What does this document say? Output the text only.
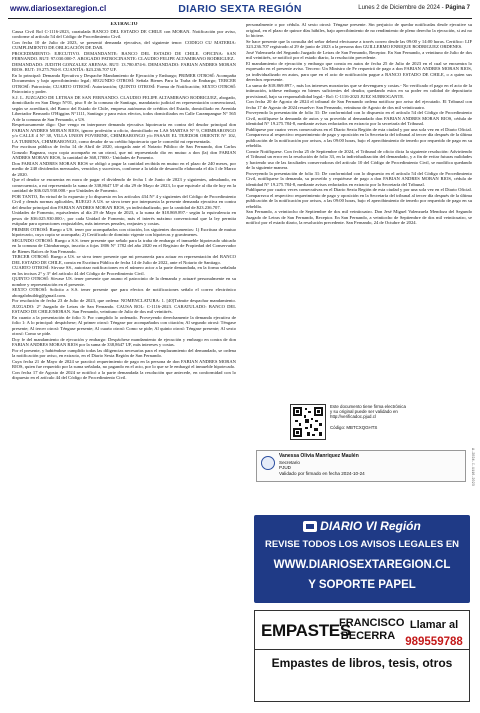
www.diariosextaregion.cl	DIARIO SEXTA REGIÓN	Lunes 2 de Diciembre de 2024 - Página 7
EXTRACTO

Causa Civil Rol C-1116-2023, caratulada BANCO DEL ESTADO DE CHILE con MORAN. Notificación por aviso, conforme al artículo 54 del Código de Procedimiento Civil.

Con fecha 10 de Julio de 2023, se presentó demanda ejecutiva, del siguiente tenor: CODIGO CU MATERIA: CUMPLIMIENTO DE OBLIGACIÓN DE DAR.

PROCEDIMIENTO: EJECUTIVO. DEMANDANTE: BANCO DEL ESTADO DE CHILE. OFICINA: SAN FERNANDO. RUT: 97.030.000-7. ABOGADO PATROCINANTE: CLAUDIO FELIPE ALTAMIRANO RODRIGUEZ.

DEMANDADO: JUDITH GONZALEZ ARENAS. RUT: 13.780.874-6. DEMANDADO: FABIAN ANDRES MORAN RIOS. RUT: 19.275.784-8. CUANTÍA: $23.236.707 UF.

En lo principal: Demanda Ejecutiva y Despache Mandamiento de Ejecución y Embargo; PRIMER OTROSÍ: Acompaña Documentos y bajo apercibimiento legal; SEGUNDO OTROSÍ: Señala Bienes Para la Traba de Embargo; TERCER OTROSÍ: Patrocinio; CUARTO OTROSÍ: Autorización; QUINTO OTROSÍ: Forma de Notificación; SEXTO OTROSÍ: Patrocinio y poder.

S.J. L. JUZGADO DE LETRAS DE SAN FERNANDO. CLAUDIO FELIPE ALTAMIRANO RODRIGUEZ, abogado, domiciliado en San Diego N°01, piso 8 de la comuna de Santiago, mandatario judicial en representación convencional, según se acreditará, del Banco del Estado de Chile, empresa autónoma de créditos del Estado, domiciliado en Avenida Libertador Bernardo O'Higgins N°1111, Santiago y para estos efectos, todos domiciliados en Calle Carampangue N° 565 A de la comuna de San Fernando, a US.

Respetuosamente digo: Que vengo en interponer demanda ejecutiva hipotecaria en contra del deudor principal don FABIAN ANDRES MORAN RIOS, ignoro profesión u oficio, domiciliado en LAS MARTAS N° 9, CHIMBARONGO y/o CALLE 4 N° 38, VILLA UNION POVERINE, CHIMBARONGO y/o PASAJE EL TEJEDOR ORIENTE N° 102, LA TURBINA, CHIMBARONGO, como deudor de su crédito hipotecario que le concedió mi representada.

Por escritura pública de fecha 14 de Abril de 2020, otorgada ante el Notario Público de San Fernando, don Carlos Gonzalo Bagnara, cuya copia acompaño en un otrosí, que mi representado dio en mutuo a don (la) don FABIAN ANDRES MORAN RIOS, la cantidad de 368,17000.- Unidades de Fomento.

Don FABIAN ANDRES MORAN RIOS se obligó a pagar la cantidad recibida en mutuo en el plazo de 240 meses, por medio de 240 dividendos mensuales, vencidos y sucesivos, conforme a la tabla de desarrollo elaborada el día 1 de Marzo de 2020.

Que el deudor se encuentra en mora de pagar el dividendo de fecha 1 de Junio de 2023 y siguientes, adeudando, en consecuencia, a mi representado la suma de 338,8647 UF al día 29 de Mayo de 2023, lo que equivale al día de hoy en la cantidad de $36.025.930.000.- por Unidades de Fomento.

POR TANTO, En virtud de lo expuesto y lo dispuesto en los artículos 434 N° 4 y siguientes del Código de Procedimiento Civil y demás normas aplicables, RUEGO A US. se sirva tener por interpuesta la presente demanda ejecutiva en contra del deudor principal don FABIAN ANDRES MORAN RIOS, ya individualizado, por la cantidad de $23.236.707.

Unidades de Fomento, equivalentes al día 29 de Mayo de 2023, a la suma de $18.869.897.- según la equivalencia en pesos de $36.025.930.000.-, por cada Unidad de Fomento, más el interés máximo convencional que la ley permita estipular para operaciones reajustables, más intereses penales, reajustes y costas.

PRIMER OTROSÍ: Ruego a US. tener por acompañados con citación, los siguientes documentos: 1) Escritura de mutuo hipotecario, cuya copia se acompaña; 2) Certificado de dominio vigente con hipotecas y gravámenes.

SEGUNDO OTROSÍ: Ruego a S.S. tener presente que señalo para la traba de embargo el inmueble hipotecado ubicado en la comuna de Chimbarongo, inscrito a fojas 1806 N° 1782 del año 2020 en el Registro de Propiedad del Conservador de Bienes Raíces de San Fernando.

TERCER OTROSÍ: Ruego a US. se sirva tener presente que mi personería para actuar en representación del BANCO DEL ESTADO DE CHILE, consta en Escritura Pública de fecha 14 de Julio de 2022, ante el Notario de Santiago.

CUARTO OTROSÍ: Sírvase SS., autorizar notificaciones en el número actor a la parte demandada, en la forma señalada en los incisos 2° y 3° del artículo 44 del Código de Procedimiento Civil.

QUINTO OTROSÍ: Sírvase US. tener presente que asumo el patrocinio de la demanda y actuaré personalmente en su nombre y representación en el presente.

SEXTO OTROSÍ: Solicito a S.S. tener presente que para efectos de notificaciones señalo el correo electrónico aborgalobuildrg@gmail.com.

Por resolución de fecha 23 de Julio de 2023, que ordena: NOMENCLATURA: 1. [40]Trámite despachar mandamiento. JUZGADO: 2° Juzgado de Letras de San Fernando. CAUSA ROL: C-1116-2023. CARATULADO: BANCO DEL ESTADO DE CHILE/MORAN. San Fernando, veintiuno de Julio de dos mil veintitrés.

En cuanto a la presentación de folio 3: Por cumplido lo ordenado. Proveyendo derechamente la demanda ejecutiva de folio 1: A lo principal: despáchese; Al primer otrosí: Téngase por acompañados con citación; Al segundo otrosí: Téngase presente; Al tercer otrosí: Téngase presente; Al cuarto otrosí: Como se pide; Al quinto otrosí: Téngase presente; Al sexto otrosí: Como se pide.

Doy fe del mandamiento de ejecución y embargo: Despáchese mandamiento de ejecución y embargo en contra de don FABIAN ANDRES MORAN RIOS por la suma de 338,8647 UF, más intereses y costas.

Por el presente, y habiéndose cumplido todas las diligencias necesarias para el emplazamiento del demandado, se ordena la notificación por aviso, en extracto, en el Diario Sexta Región de San Fernando.

Cuya fecha 21 de Mayo de 2024 se practicó requerimiento de pago en la persona de don FABIAN ANDRES MORAN RIOS, quien fue requerido por la suma señalada, no pagando en el acto, por lo que se le embargó el inmueble hipotecado.

Con fecha 17 de Agosto de 2024 se notificó a la parte demandada la resolución que antecede, en conformidad con lo dispuesto en el artículo 44 del Código de Procedimiento Civil.

personalmente o por cédula. Al sexto otrosí: Téngase presente. Sin perjuicio de quedar notificadas desde ejecutive su original, en el plazo de quince días hábiles, bajo apercibimiento de no rendimiento de pleno derecho la ejecución, si así no lo hiciere.

Se hace presente que la consulta del señor deberá efectuarse a través correo desde las 09:00 y 14:00 horas. Certifico: LIF 323.236.707 registrado al 29 de junio de 2023 a la persona don GUILLERMO ENRIQUE RODRIGUEZ ORDENES.

José Valenzuela del Segundo Juzgado de Letras de San Fernando, Receptor. En San Fernando, a veintiuno de Julio de dos mil veintitrés, se notificó por el estado diario, la resolución precedente.

El mandamiento de ejecución y embargo que consta en autos de fecha 25 de Julio de 2023 en el cual se encuentra lo expresado en el presente aviso. Tercero: Un Ministro de Fe requerirá de pago a don FABIAN ANDRES MORAN RIOS, ya individualizado en autos, para que en el acto de notificación pague a BANCO ESTADO DE CHILE, o a quien sus derechos represente.

La suma de $18.869.897.-, más los intereses moratorios que se devenguen y costas.- No verificado el pago en el acto de la intimación, trábese embargo en bienes suficientes del deudor, quedando estos en su poder en calidad de depositario provisional, bajo su responsabilidad legal.- Rol: C-1116-2023 JUEZ SUBROGANTE.

Con fecha 20 de Agosto de 2024 el tribunal de San Fernando ordena notificar por aviso del ejecutado. El Tribunal con fecha 17 de Agosto de 2024 resuelve: San Fernando, veintiuno de Agosto de dos mil veinticuatro.

Proveyendo la presentación de folio 31: De conformidad con lo dispuesto en el artículo 54 del Código de Procedimiento Civil, notifíquese la demanda de autos y su proveído al demandado don FABIAN ANDRES MORAN RIOS, cédula de identidad N° 19.275.784-8, mediante avisos redactados en extracto por la secretaría del Tribunal.

Publíquese por cuatro veces consecutivas en el Diario Sexta Región de esta ciudad y por una sola vez en el Diario Oficial. Comparezca al respectivo requerimiento de pago y oposición en la Secretaría del tribunal al tercer día después de la última publicación de la notificación por avisos, a las 09:00 horas, bajo el apercibimiento de tenerlo por requerido de pago en su rebeldía.

Conste Notifíquese. Con fecha 25 de Septiembre de 2024, el Tribunal de oficio dicta la siguiente resolución: Advirtiendo el Tribunal un error en la resolución de folio 33, en la individualización del demandado, y a fin de evitar futuras nulidades y haciendo uso de las facultades conservadoras del artículo 10 del Código de Procedimiento Civil, se modifica quedando de la siguiente manera.

Proveyendo la presentación de folio 31: De conformidad con lo dispuesto en el artículo 54 del Código de Procedimiento Civil, notifíquese la demanda, su proveído y requiérase de pago a don FABIAN ANDRES MORAN RIOS, cédula de identidad N° 19.275.784-8, mediante avisos redactados en extracto por la Secretaría del Tribunal.

Publíquese por cuatro veces consecutivas en el Diario Sexta Región de esta ciudad y por una sola vez en el Diario Oficial. Comparezca el respectivo requerimiento de pago y oposición en la Secretaría del tribunal al tercer día después de la última publicación de la notificación por avisos, a las 09:00 horas, bajo el apercibimiento de tenerlo por requerido de pago en su rebeldía.

San Fernando, a veintiocho de Septiembre de dos mil veinticuatro. Don Jesé Miguel Valenzuela Mendoza del Segundo Juzgado de Letras de San Fernando, Receptor. En San Fernando, a veintiocho de Septiembre de dos mil veinticuatro, se notificó por el estado diario, la resolución precedente. San Fernando, 24 de Octubre de 2024.

Este documento tiene firma electrónica
y su original puede ser validado en
http://verificadoc.pjud.cl

Código: MBTCXQGHTS
Vanessa Olivia Manriquez Maulén
Secretario
PJUD
Validado por firmado en fecha 2024-10-24	A-2024-C-1116-2023
DIARIO VI Región
REVISE TODOS LOS AVISOS LEGALES EN
WWW.DIARIOSEXTAREGION.CL
Y SOPORTE PAPEL
EMPASTES
FRANCISCO
BECERRA
Llamar al
989559788
Empastes de libros, tesis, otros
